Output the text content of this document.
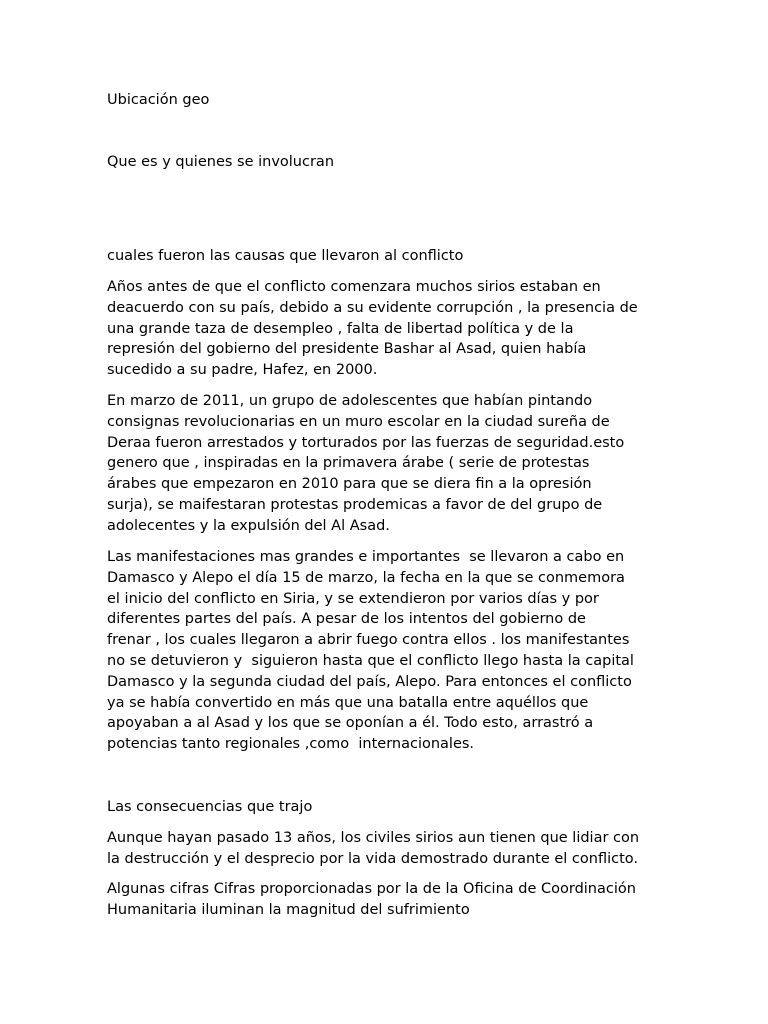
Ubicación geo

Que es y quienes se involucran

cuales fueron las causas que llevaron al conflicto

Años antes de que el conflicto comenzara muchos sirios estaban en
deacuerdo con su país, debido a su evidente corrupción , la presencia de
una grande taza de desempleo , falta de libertad política y de la
represión del gobierno del presidente Bashar al Asad, quien había
sucedido a su padre, Hafez, en 2000.

En marzo de 2011, un grupo de adolescentes que habían pintando
consignas revolucionarias en un muro escolar en la ciudad sureña de
Deraa fueron arrestados y torturados por las fuerzas de seguridad.esto
genero que , inspiradas en la primavera árabe ( serie de protestas
árabes que empezaron en 2010 para que se diera fin a la opresión
surja), se maifestaran protestas prodemicas a favor de del grupo de
adolecentes y la expulsión del Al Asad.

Las manifestaciones mas grandes e importantes  se llevaron a cabo en
Damasco y Alepo el día 15 de marzo, la fecha en la que se conmemora
el inicio del conflicto en Siria, y se extendieron por varios días y por
diferentes partes del país. A pesar de los intentos del gobierno de
frenar , los cuales llegaron a abrir fuego contra ellos . los manifestantes
no se detuvieron y  siguieron hasta que el conflicto llego hasta la capital
Damasco y la segunda ciudad del país, Alepo. Para entonces el conflicto
ya se había convertido en más que una batalla entre aquéllos que
apoyaban a al Asad y los que se oponían a él. Todo esto, arrastró a
potencias tanto regionales ,como  internacionales.

Las consecuencias que trajo

Aunque hayan pasado 13 años, los civiles sirios aun tienen que lidiar con
la destrucción y el desprecio por la vida demostrado durante el conflicto.

Algunas cifras Cifras proporcionadas por la de la Oficina de Coordinación
Humanitaria iluminan la magnitud del sufrimiento
